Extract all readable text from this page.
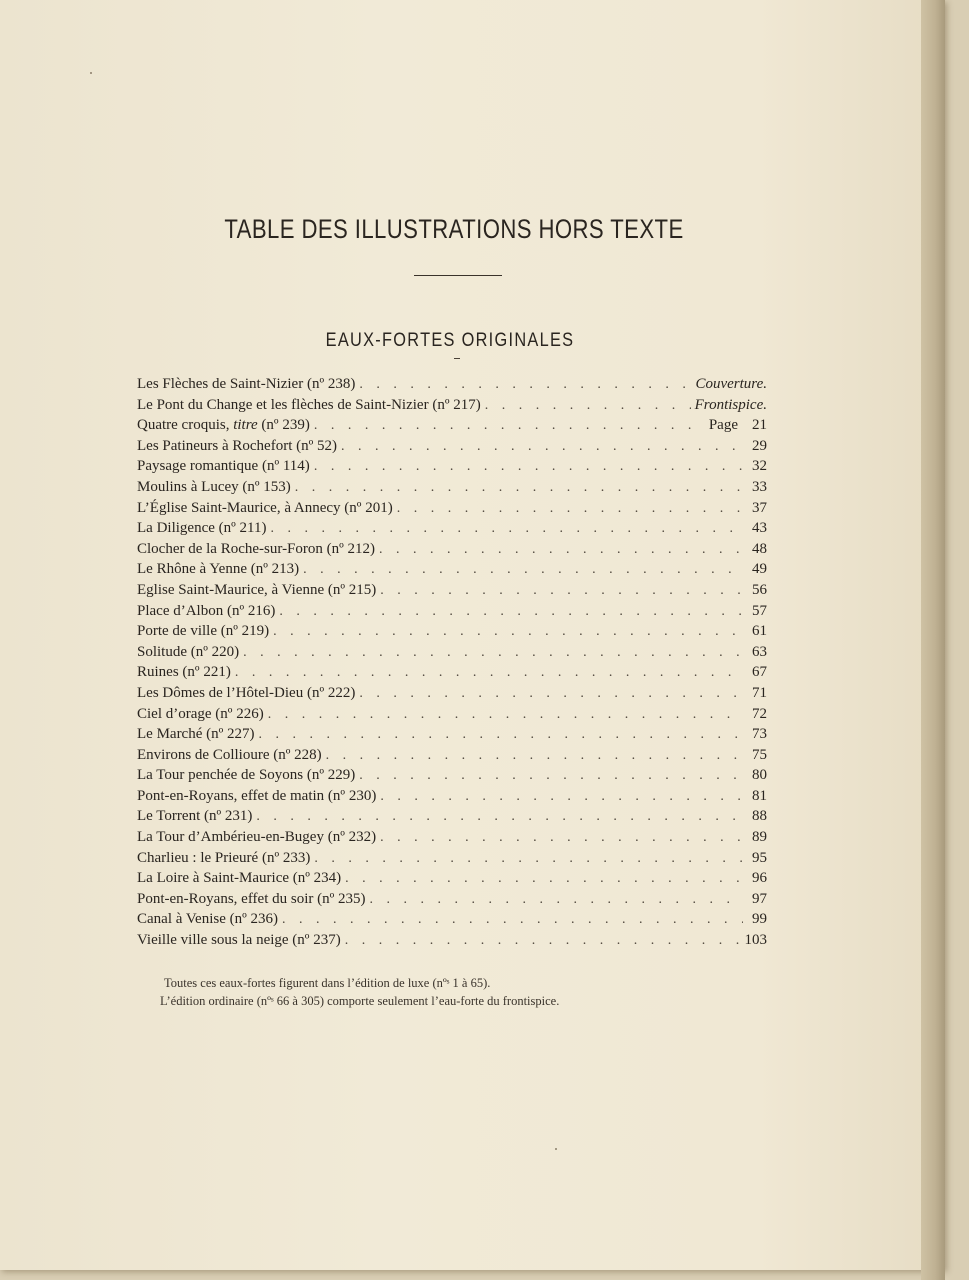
TABLE DES ILLUSTRATIONS HORS TEXTE
EAUX-FORTES ORIGINALES
Les Flèches de Saint-Nizier (nº 238) . . .	Couverture.
Le Pont du Change et les flèches de Saint-Nizier (nº 217) . . .	Frontispice.
Quatre croquis, titre (nº 239) . . .	Page 21
Les Patineurs à Rochefort (nº 52) . . .	29
Paysage romantique (nº 114) . . .	32
Moulins à Lucey (nº 153) . . .	33
L’Église Saint-Maurice, à Annecy (nº 201) . . .	37
La Diligence (nº 211) . . .	43
Clocher de la Roche-sur-Foron (nº 212) . . .	48
Le Rhône à Yenne (nº 213) . . .	49
Eglise Saint-Maurice, à Vienne (nº 215) . . .	56
Place d’Albon (nº 216) . . .	57
Porte de ville (nº 219) . . .	61
Solitude (nº 220) . . .	63
Ruines (nº 221) . . .	67
Les Dômes de l’Hôtel-Dieu (nº 222) . . .	71
Ciel d’orage (nº 226) . . .	72
Le Marché (nº 227) . . .	73
Environs de Collioure (nº 228) . . .	75
La Tour penchée de Soyons (nº 229) . . .	80
Pont-en-Royans, effet de matin (nº 230) . . .	81
Le Torrent (nº 231) . . .	88
La Tour d’Ambérieu-en-Bugey (nº 232) . . .	89
Charlieu : le Prieuré (nº 233) . . .	95
La Loire à Saint-Maurice (nº 234) . . .	96
Pont-en-Royans, effet du soir (nº 235) . . .	97
Canal à Venise (nº 236) . . .	99
Vieille ville sous la neige (nº 237) . . .	103
Toutes ces eaux-fortes figurent dans l’édition de luxe (nºˢ 1 à 65).
L’édition ordinaire (nºˢ 66 à 305) comporte seulement l’eau-forte du frontispice.
